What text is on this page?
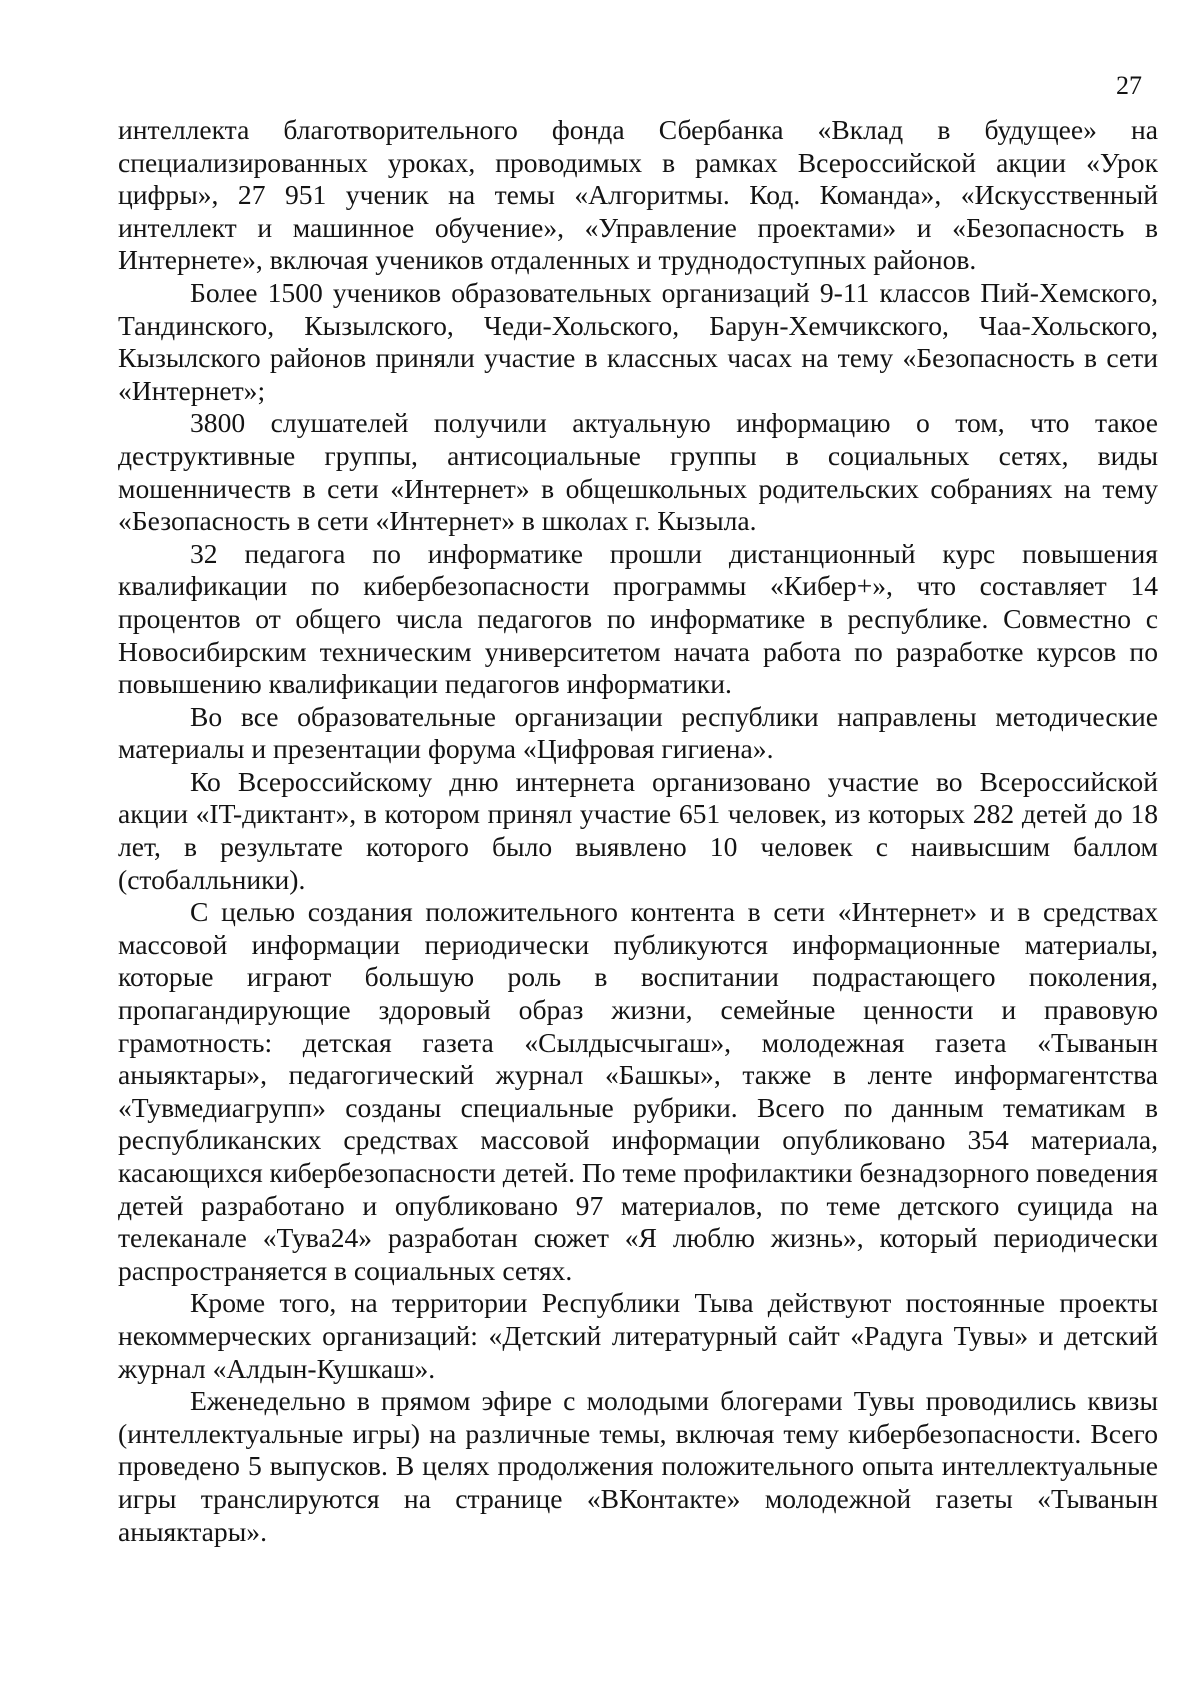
27

интеллекта благотворительного фонда Сбербанка «Вклад в будущее» на специализированных уроках, проводимых в рамках Всероссийской акции «Урок цифры», 27 951 ученик на темы «Алгоритмы. Код. Команда», «Искусственный интеллект и машинное обучение», «Управление проектами» и «Безопасность в Интернете», включая учеников отдаленных и труднодоступных районов.

Более 1500 учеников образовательных организаций 9-11 классов Пий-Хемского, Тандинского, Кызылского, Чеди-Хольского, Барун-Хемчикского, Чаа-Хольского, Кызылского районов приняли участие в классных часах на тему «Безопасность в сети «Интернет»;

3800 слушателей получили актуальную информацию о том, что такое деструктивные группы, антисоциальные группы в социальных сетях, виды мошенничеств в сети «Интернет» в общешкольных родительских собраниях на тему «Безопасность в сети «Интернет» в школах г. Кызыла.

32 педагога по информатике прошли дистанционный курс повышения квалификации по кибербезопасности программы «Кибер+», что составляет 14 процентов от общего числа педагогов по информатике в республике. Совместно с Новосибирским техническим университетом начата работа по разработке курсов по повышению квалификации педагогов информатики.

Во все образовательные организации республики направлены методические материалы и презентации форума «Цифровая гигиена».

Ко Всероссийскому дню интернета организовано участие во Всероссийской акции «IT-диктант», в котором принял участие 651 человек, из которых 282 детей до 18 лет, в результате которого было выявлено 10 человек с наивысшим баллом (стобалльники).

С целью создания положительного контента в сети «Интернет» и в средствах массовой информации периодически публикуются информационные материалы, которые играют большую роль в воспитании подрастающего поколения, пропагандирующие здоровый образ жизни, семейные ценности и правовую грамотность: детская газета «Сылдысчыгаш», молодежная газета «Тыванын аныяктары», педагогический журнал «Башкы», также в ленте информагентства «Тувмедиагрупп» созданы специальные рубрики. Всего по данным тематикам в республиканских средствах массовой информации опубликовано 354 материала, касающихся кибербезопасности детей. По теме профилактики безнадзорного поведения детей разработано и опубликовано 97 материалов, по теме детского суицида на телеканале «Тува24» разработан сюжет «Я люблю жизнь», который периодически распространяется в социальных сетях.

Кроме того, на территории Республики Тыва действуют постоянные проекты некоммерческих организаций: «Детский литературный сайт «Радуга Тувы» и детский журнал «Алдын-Кушкаш».

Еженедельно в прямом эфире с молодыми блогерами Тувы проводились квизы (интеллектуальные игры) на различные темы, включая тему кибербезопасности. Всего проведено 5 выпусков. В целях продолжения положительного опыта интеллектуальные игры транслируются на странице «ВКонтакте» молодежной газеты «Тыванын аныяктары».
